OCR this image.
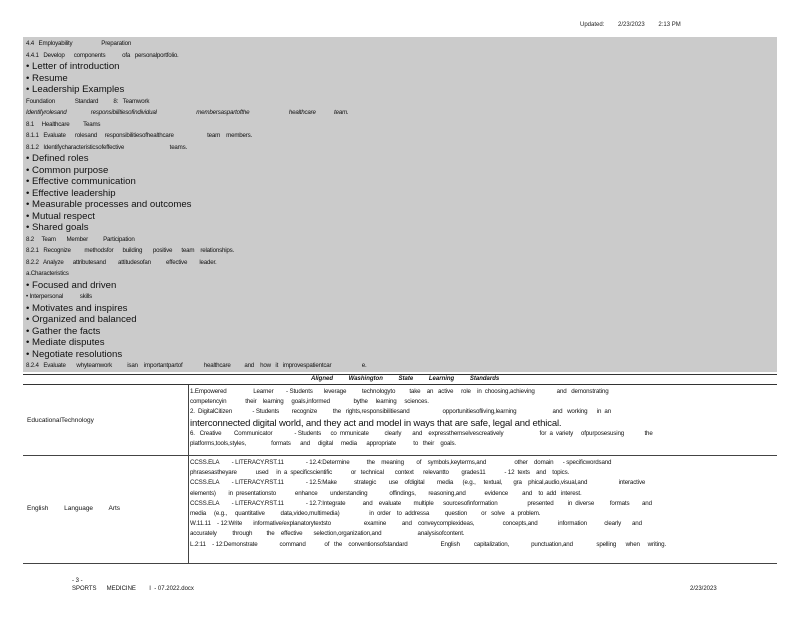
Updated: 2/23/2023 2:13 PM
4.4   Employability                   Preparation
4.4.1   Develop      components           ofa   personalportfolio.
• Letter of introduction
• Resume
• Leadership Examples
Foundation             Standard          8:   Teamwork
Identifyrolesand                responsibilitiesofindividual                          membersaspartofthe                          healthcare            team.
8.1     Healthcare         Teams
8.1.1   Evaluate      rolesand     responsibilitiesofhealthcare                      team    members.
8.1.2   Identifycharacteristicsofeffective                              teams.
• Defined roles
• Common purpose
• Effective communication
• Effective leadership
• Measurable processes and outcomes
• Mutual respect
• Shared goals
8.2     Team       Member          Participation
8.2.1   Recognize         methodsfor      building       positive      team    relationships.
8.2.2   Analyze      attributesand        attitudesofan          effective        leader.
a.Characteristics
• Focused and driven
• Interpersonal           skills
• Motivates and inspires
• Organized and balanced
• Gather the facts
• Mediate disputes
• Negotiate resolutions
8.2.4   Evaluate       whyteamwork          isan    importantpartof              healthcare         and    how   it   improvespatientcar                    e.
Aligned Washington State Learning Standards
EducationalTechnology
1.Empowered                 Learner        - Students       leverage          technologyto         take    an   active     role    in  choosing,achieving              and   demonstrating
competencyin            their    learning     goals,informed               bythe     learning     sciences.
2.  DigitalCitizen             - Students        recognize          the   rights,responsibilitiesand                     opportunitiesofliving,learning                       and   working      in  an
interconnected digital world, and they act and model in ways that are safe, legal and ethical.
6.   Creative        Communicator              - Students      co  mmunicate          clearly       and    expressthemselvescreatively                       for  a  variety     ofpurposesusing             the
platforms,tools,styles,                formats      and     digital     media      appropriate           to   their    goals.
English Language Arts
CCSS.ELA        - LITERACY.RST.11              - 12.4:Determine           the    meaning        of    symbols,keyterms,and                  other    domain      - specificwordsand
phrasesastheyare            used     in  a  specificscientific            or   technical       context      relevantto        grades11            - 12  texts    and    topics.
CCSS.ELA        - LITERACY.RST.11              - 12.5:Make           strategic        use    ofdigital        media      (e.g.,     textual,       gra    phical,audio,visual,and                    interactive
elements)        in  presentationsto            enhance        understanding              offindings,        reasoning,and            evidence         and    to  add   interest.
CCSS.ELA        - LITERACY.RST.11              - 12.7:Integrate           and    evaluate        multiple      sourcesofinformation                   presented         in  diverse          formats        and
media     (e.g.,     quantitative          data,video,multimedia)                   in  order    to  addressa          question         or   solve    a  problem.
W.11.11    - 12:Write       informative/explanatorytextsto                     examine          and    conveycomplexideas,                  concepts,and             information           clearly       and
accurately          through         the    effective       selection,organization,and                       analysisofcontent.
L.2:11    - 12:Demonstrate              command            of   the    conventionsofstandard                     English         capitalization,              punctuation,and               spelling      when     writing.
- 3 -
SPORTS      MEDICINE        I  - 07.2022.docx	2/23/2023
